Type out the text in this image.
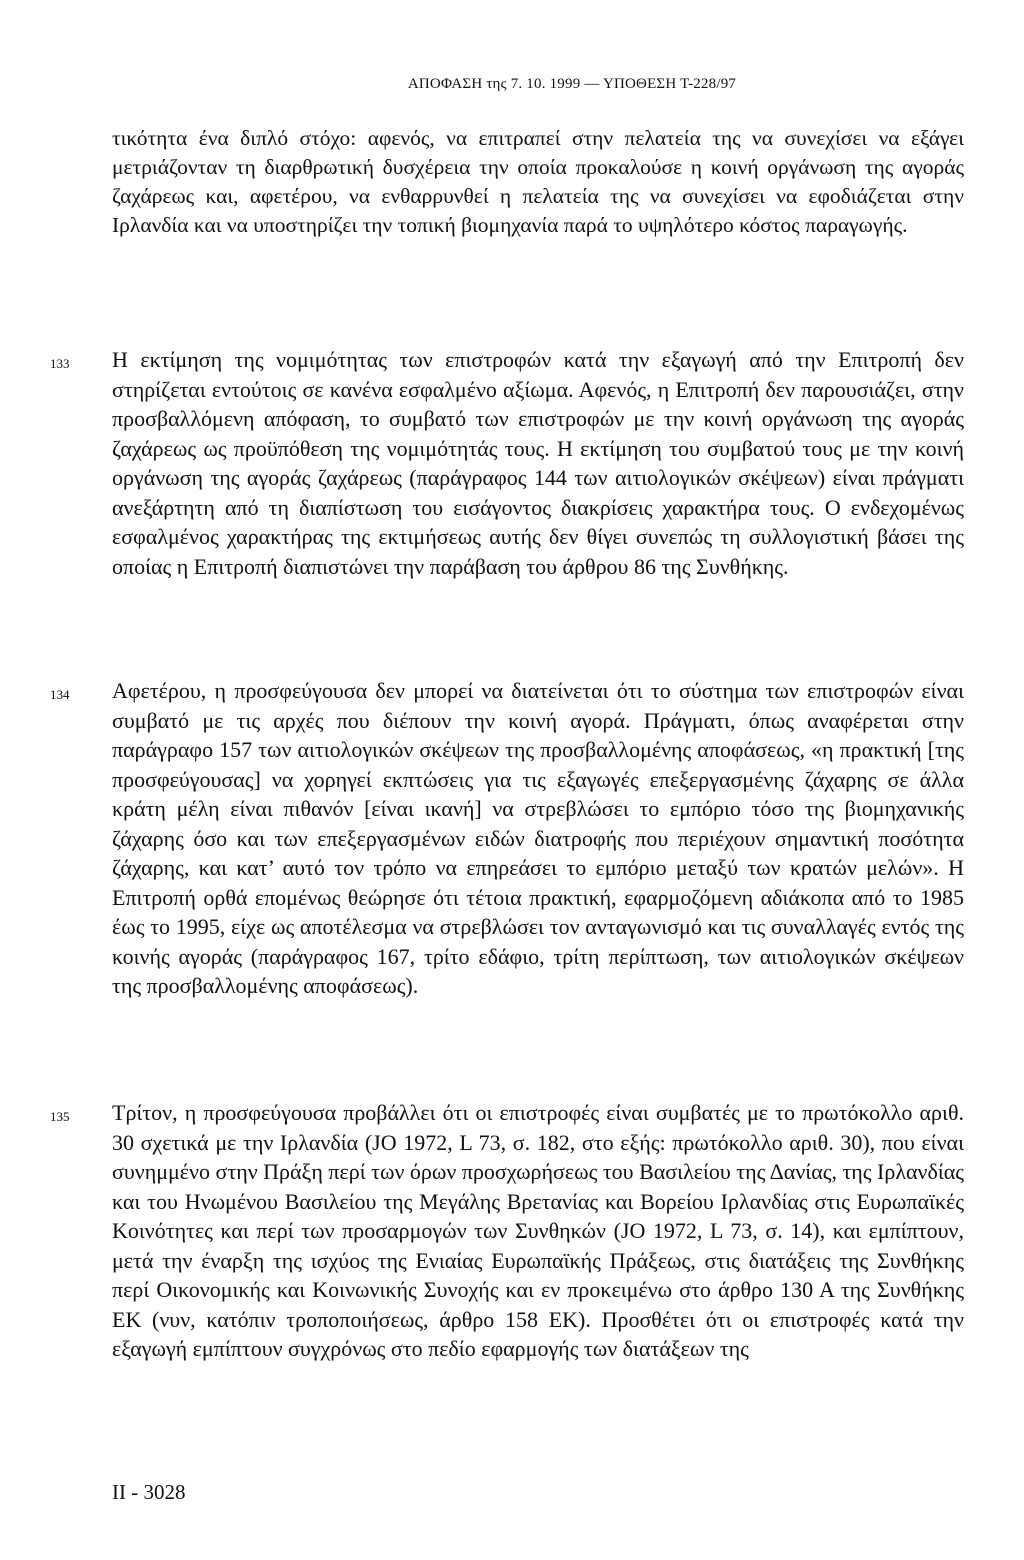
ΑΠΟΦΑΣΗ της 7. 10. 1999 — ΥΠΟΘΕΣΗ Τ-228/97

τικότητα ένα διπλό στόχο: αφενός, να επιτραπεί στην πελατεία της να συνεχίσει να εξάγει μετριάζονταν τη διαρθρωτική δυσχέρεια την οποία προκαλούσε η κοινή οργάνωση της αγοράς ζαχάρεως και, αφετέρου, να ενθαρρυνθεί η πελατεία της να συνεχίσει να εφοδιάζεται στην Ιρλανδία και να υποστηρίζει την τοπική βιομηχανία παρά το υψηλότερο κόστος παραγωγής.

133 Η εκτίμηση της νομιμότητας των επιστροφών κατά την εξαγωγή από την Επιτροπή δεν στηρίζεται εντούτοις σε κανένα εσφαλμένο αξίωμα. Αφενός, η Επιτροπή δεν παρουσιάζει, στην προσβαλλόμενη απόφαση, το συμβατό των επιστροφών με την κοινή οργάνωση της αγοράς ζαχάρεως ως προϋπόθεση της νομιμότητάς τους. Η εκτίμηση του συμβατού τους με την κοινή οργάνωση της αγοράς ζαχάρεως (παράγραφος 144 των αιτιολογικών σκέψεων) είναι πράγματι ανεξάρτητη από τη διαπίστωση του εισάγοντος διακρίσεις χαρακτήρα τους. Ο ενδεχομένως εσφαλμένος χαρακτήρας της εκτιμήσεως αυτής δεν θίγει συνεπώς τη συλλογιστική βάσει της οποίας η Επιτροπή διαπιστώνει την παράβαση του άρθρου 86 της Συνθήκης.

134 Αφετέρου, η προσφεύγουσα δεν μπορεί να διατείνεται ότι το σύστημα των επιστροφών είναι συμβατό με τις αρχές που διέπουν την κοινή αγορά. Πράγματι, όπως αναφέρεται στην παράγραφο 157 των αιτιολογικών σκέψεων της προσβαλλομένης αποφάσεως, «η πρακτική [της προσφεύγουσας] να χορηγεί εκπτώσεις για τις εξαγωγές επεξεργασμένης ζάχαρης σε άλλα κράτη μέλη είναι πιθανόν [είναι ικανή] να στρεβλώσει το εμπόριο τόσο της βιομηχανικής ζάχαρης όσο και των επεξεργασμένων ειδών διατροφής που περιέχουν σημαντική ποσότητα ζάχαρης, και κατ’ αυτό τον τρόπο να επηρεάσει το εμπόριο μεταξύ των κρατών μελών». Η Επιτροπή ορθά επομένως θεώρησε ότι τέτοια πρακτική, εφαρμοζόμενη αδιάκοπα από το 1985 έως το 1995, είχε ως αποτέλεσμα να στρεβλώσει τον ανταγωνισμό και τις συναλλαγές εντός της κοινής αγοράς (παράγραφος 167, τρίτο εδάφιο, τρίτη περίπτωση, των αιτιολογικών σκέψεων της προσβαλλομένης αποφάσεως).

135 Τρίτον, η προσφεύγουσα προβάλλει ότι οι επιστροφές είναι συμβατές με το πρωτόκολλο αριθ. 30 σχετικά με την Ιρλανδία (JO 1972, L 73, σ. 182, στο εξής: πρωτόκολλο αριθ. 30), που είναι συνημμένο στην Πράξη περί των όρων προσχωρήσεως του Βασιλείου της Δανίας, της Ιρλανδίας και του Ηνωμένου Βασιλείου της Μεγάλης Βρετανίας και Βορείου Ιρλανδίας στις Ευρωπαϊκές Κοινότητες και περί των προσαρμογών των Συνθηκών (JO 1972, L 73, σ. 14), και εμπίπτουν, μετά την έναρξη της ισχύος της Ενιαίας Ευρωπαϊκής Πράξεως, στις διατάξεις της Συνθήκης περί Οικονομικής και Κοινωνικής Συνοχής και εν προκειμένω στο άρθρο 130 Α της Συνθήκης ΕΚ (νυν, κατόπιν τροποποιήσεως, άρθρο 158 ΕΚ). Προσθέτει ότι οι επιστροφές κατά την εξαγωγή εμπίπτουν συγχρόνως στο πεδίο εφαρμογής των διατάξεων της

II - 3028
